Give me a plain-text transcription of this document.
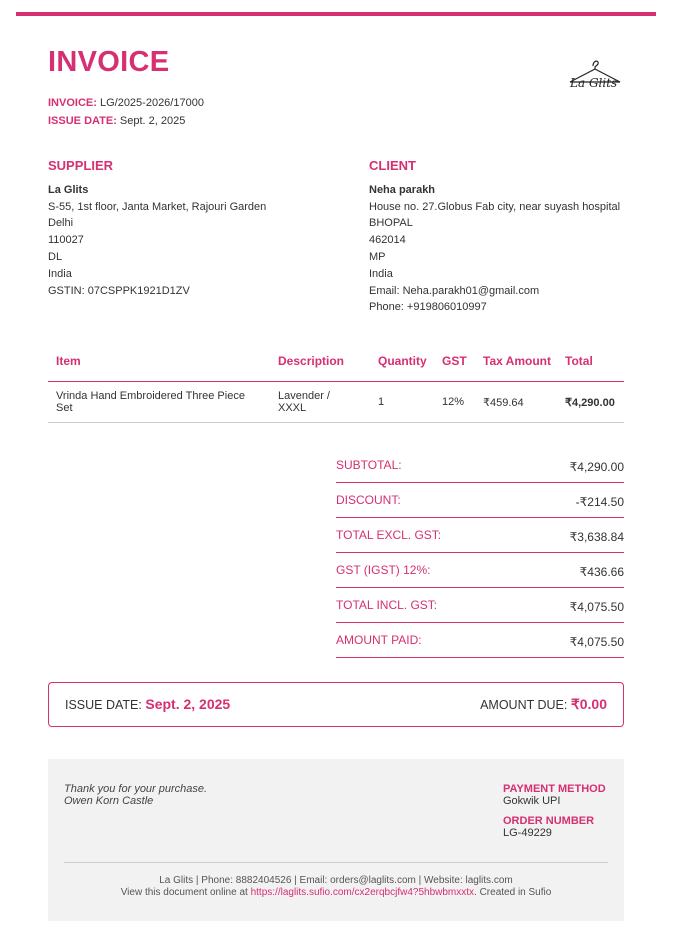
INVOICE
INVOICE: LG/2025-2026/17000
ISSUE DATE: Sept. 2, 2025
La Glits
SUPPLIER
La Glits
S-55, 1st floor, Janta Market, Rajouri Garden
Delhi
110027
DL
India
GSTIN: 07CSPPK1921D1ZV
CLIENT
Neha parakh
House no. 27.Globus Fab city, near suyash hospital
BHOPAL
462014
MP
India
Email: Neha.parakh01@gmail.com
Phone: +919806010997
Item	Description	Quantity	GST	Tax Amount	Total
Vrinda Hand Embroidered Three Piece Set	Lavender / XXXL	1	12%	₹459.64	₹4,290.00
SUBTOTAL:	₹4,290.00
DISCOUNT:	-₹214.50
TOTAL EXCL. GST:	₹3,638.84
GST (IGST) 12%:	₹436.66
TOTAL INCL. GST:	₹4,075.50
AMOUNT PAID:	₹4,075.50
ISSUE DATE: Sept. 2, 2025	AMOUNT DUE: ₹0.00
Thank you for your purchase.
Owen Korn Castle
PAYMENT METHOD
Gokwik UPI
ORDER NUMBER
LG-49229
La Glits | Phone: 8882404526 | Email: orders@laglits.com | Website: laglits.com
View this document online at https://laglits.sufio.com/cx2erqbcjfw4?5hbwbmxxtx. Created in Sufio
